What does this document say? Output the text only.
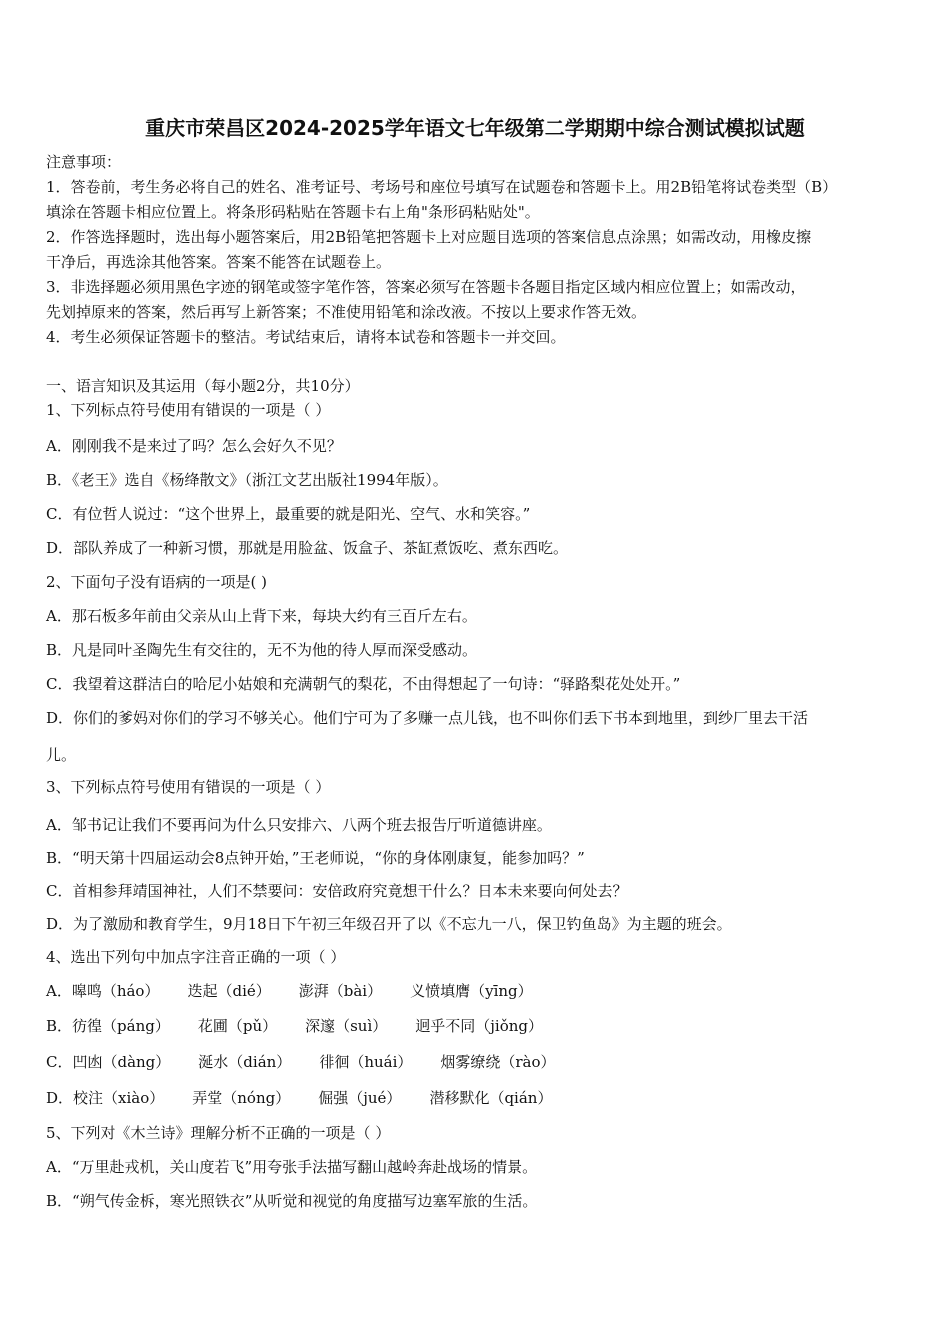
重庆市荣昌区2024-2025学年语文七年级第二学期期中综合测试模拟试题
注意事项：
1．答卷前，考生务必将自己的姓名、准考证号、考场号和座位号填写在试题卷和答题卡上。用2B铅笔将试卷类型（B）
填涂在答题卡相应位置上。将条形码粘贴在答题卡右上角"条形码粘贴处"。
2．作答选择题时，选出每小题答案后，用2B铅笔把答题卡上对应题目选项的答案信息点涂黑；如需改动，用橡皮擦
干净后，再选涂其他答案。答案不能答在试题卷上。
3．非选择题必须用黑色字迹的钢笔或签字笔作答，答案必须写在答题卡各题目指定区域内相应位置上；如需改动，
先划掉原来的答案，然后再写上新答案；不准使用铅笔和涂改液。不按以上要求作答无效。
4．考生必须保证答题卡的整洁。考试结束后，请将本试卷和答题卡一并交回。
一、语言知识及其运用（每小题2分，共10分）
1、下列标点符号使用有错误的一项是（ ）
A．刚刚我不是来过了吗？怎么会好久不见？
B．《老王》选自《杨绛散文》（浙江文艺出版社1994年版）。
C．有位哲人说过：“这个世界上，最重要的就是阳光、空气、水和笑容。”
D．部队养成了一种新习惯，那就是用脸盆、饭盒子、茶缸煮饭吃、煮东西吃。
2、下面句子没有语病的一项是( )
A．那石板多年前由父亲从山上背下来，每块大约有三百斤左右。
B．凡是同叶圣陶先生有交往的，无不为他的待人厚而深受感动。
C．我望着这群洁白的哈尼小姑娘和充满朝气的梨花，不由得想起了一句诗：“驿路梨花处处开。”
D．你们的爹妈对你们的学习不够关心。他们宁可为了多赚一点儿钱，也不叫你们丢下书本到地里，到纱厂里去干活
儿。
3、下列标点符号使用有错误的一项是（ ）
A．邹书记让我们不要再问为什么只安排六、八两个班去报告厅听道德讲座。
B．“明天第十四届运动会8点钟开始，”王老师说，“你的身体刚康复，能参加吗？”
C．首相参拜靖国神社，人们不禁要问：安倍政府究竟想干什么？日本未来要向何处去？
D．为了激励和教育学生，9月18日下午初三年级召开了以《不忘九一八，保卫钓鱼岛》为主题的班会。
4、选出下列句中加点字注音正确的一项（ ）
A．嗥鸣（háo） 迭起（dié） 澎湃（bài） 义愤填膺（yīng）
B．彷徨（páng） 花圃（pǔ） 深邃（suì） 迥乎不同（jiǒng）
C．凹凼（dàng） 涎水（dián） 徘徊（huái） 烟雾缭绕（rào）
D．校注（xiào） 弄堂（nóng） 倔强（jué） 潜移默化（qián）
5、下列对《木兰诗》理解分析不正确的一项是（ ）
A．“万里赴戎机，关山度若飞”用夸张手法描写翻山越岭奔赴战场的情景。
B．“朔气传金柝，寒光照铁衣”从听觉和视觉的角度描写边塞军旅的生活。
